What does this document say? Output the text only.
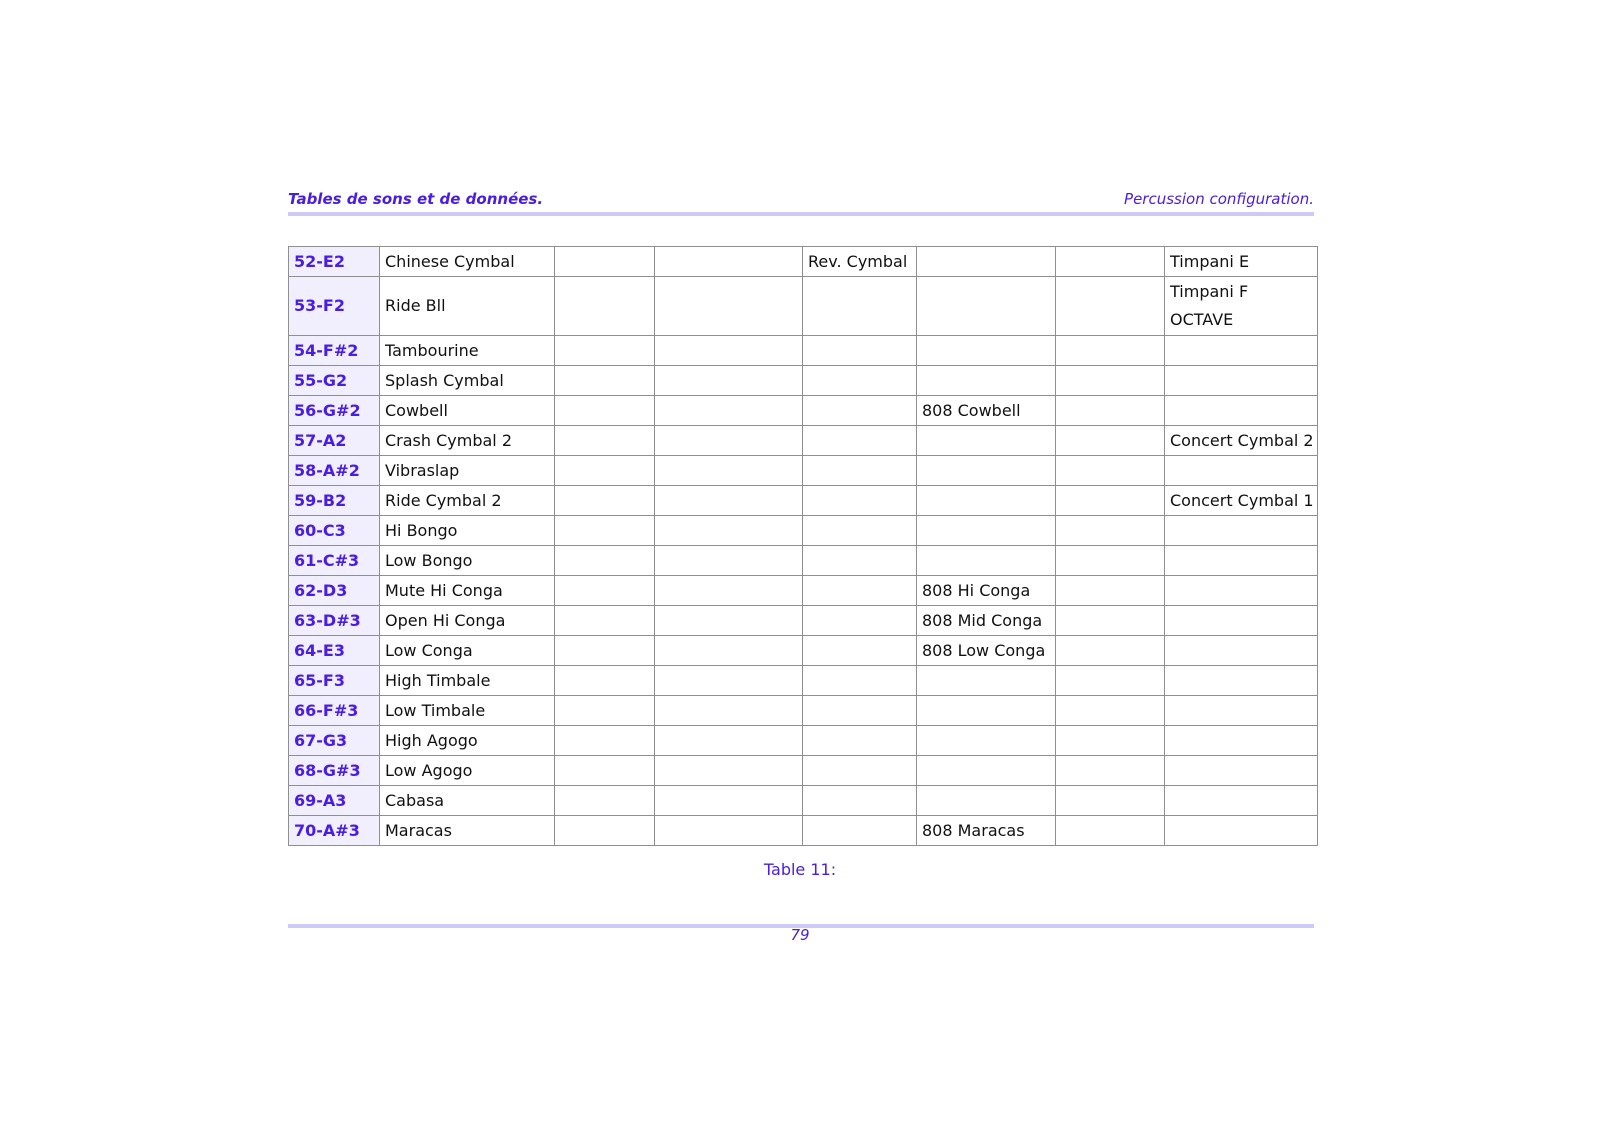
Tables de sons et de données.	Percussion configuration.
52-E2	Chinese Cymbal			Rev. Cymbal			Timpani E
53-F2	Ride Bll						Timpani F
OCTAVE

54-F#2	Tambourine						
55-G2	Splash Cymbal						
56-G#2	Cowbell				808 Cowbell		
57-A2	Crash Cymbal 2						Concert Cymbal 2
58-A#2	Vibraslap						
59-B2	Ride Cymbal 2						Concert Cymbal 1
60-C3	Hi Bongo						
61-C#3	Low Bongo						
62-D3	Mute Hi Conga				808 Hi Conga		
63-D#3	Open Hi Conga				808 Mid Conga		
64-E3	Low Conga				808 Low Conga		
65-F3	High Timbale						
66-F#3	Low Timbale						
67-G3	High Agogo						
68-G#3	Low Agogo						
69-A3	Cabasa						
70-A#3	Maracas				808 Maracas		
Table 11:
79
